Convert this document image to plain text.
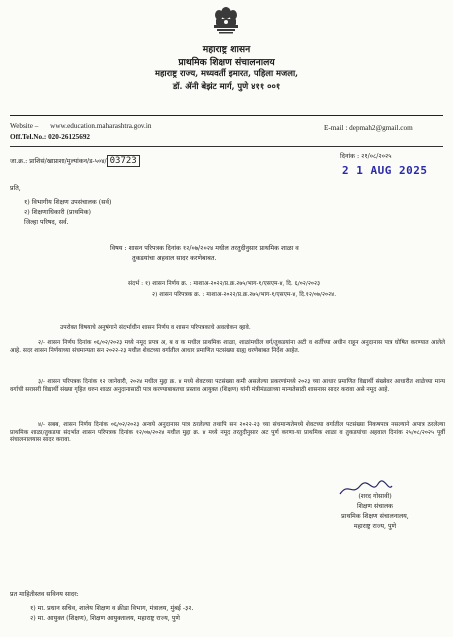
महाराष्ट्र शासन
प्राथमिक शिक्षण संचालनालय
महाराष्ट्र राज्य, मध्यवर्ती इमारत, पहिला मजला,
डॉ. ॲनी बेझंट मार्ग, पुणे ४११ ००१
Website – www.education.maharashtra.gov.in
Off.Tel.No.: 020-26125692
E-mail : depmah2@gmail.com
जा.क्र.: प्राशिसं/खाप्राशा/मुल्यांकन/ड-५०४/ 03723	दिनांक : २१/०८/२०२५
2 1 AUG 2025
प्रति,
१) विभागीय शिक्षण उपसंचालक (सर्व)
२) शिक्षणाधिकारी (प्राथमिक)
जिल्हा परिषद, सर्व.
विषय : शासन परिपत्रक दिनांक १२/०७/२०२४ मधील तरतुदीनुसार प्राथमिक शाळा व
तुकडयांचा अहवाल सादर करणेबाबत.
संदर्भ : १) शासन निर्णय क्र. : माशाअ-२०२२/प्र.क्र.२७५/भाग-१/एसएम-४, दि. ६/०२/२०२३
२) शासन परिपत्रक क्र. : माशाअ-२०२२/प्र.क्र.२७५/भाग-१/एसएम-४, दि.१२/०७/२०२४.
उपरोक्त विषयाचे अनुषंगाने संदर्भाधीन शासन निर्णय व शासन परिपत्रकाचे अवलोकन व्हावे.
२/- शासन निर्णय दिनांक ०६/०२/२०२३ मध्ये नमूद प्रपत्र अ, ब व क मधील प्राथमिक शाळा, शाळांमधील वर्ग/तुकडयांना अटी व शर्तीच्या अधीन राहून अनुदानास पात्र घोषित करण्यात आलेले आहे. सदर शासन निर्णयाच्या संचमान्यता सन २०२२-२३ मधील शेवटच्या वर्गातील आधार प्रमाणित पटसंख्या ग्राह्य धरणेबाबत निर्देश आहेत.
३/- शासन परिपत्रक दिनांक १२ जानेवारी, २०२४ मधील मुद्दा क्र. ४ मध्ये शेवटच्या पटसंख्या कमी असलेल्या प्रकरणांमध्ये २०२३ च्या आधार प्रमाणित विद्यार्थी संख्येवर आधारीत शाळेच्या मान्य वर्गाची सरासरी विद्यार्थी संख्या गृहित धरुन शाळा अनुदानासाठी पात्र करण्याबाबतचा प्रस्ताव आयुक्त (शिक्षण) यांनी मंत्रीमंडळाच्या मान्यतेसाठी शासनास सादर करावा असे नमूद आहे.
४/- सबब, शासन निर्णय दिनांक ०६/०२/२०२३ अन्वये अनुदानास पात्र ठरलेल्या तथापि सन २०२२-२३ च्या संचमान्यतेमध्ये शेवटच्या वर्गातील पटसंख्या निकषपात्र नसल्याने अपात्र ठरलेल्या प्राथमिक शाळा/तुकडया संदर्भात शासन परिपत्रक दिनांक १२/०७/२०२४ मधील मुद्दा क्र. ४ मध्ये नमूद तरतुदीनुसार अट पुर्ण करणा-या प्राथमिक शाळा व तुकडयांचा अहवाल दिनांक २५/०८/२०२५ पूर्वी संचालनालयास सादर करावा.
(शरद गोसावी)
शिक्षण संचालक
प्राथमिक शिक्षण संचालनालय,
महाराष्ट्र राज्य, पुणे
प्रत माहितीस्तव सविनय सादर:
१) मा. प्रधान सचिव, शालेय शिक्षण व क्रीडा विभाग, मंत्रालय, मुंबई -३२.
२) मा. आयुक्त (शिक्षण), शिक्षण आयुक्तालय, महाराष्ट्र राज्य, पुणे
